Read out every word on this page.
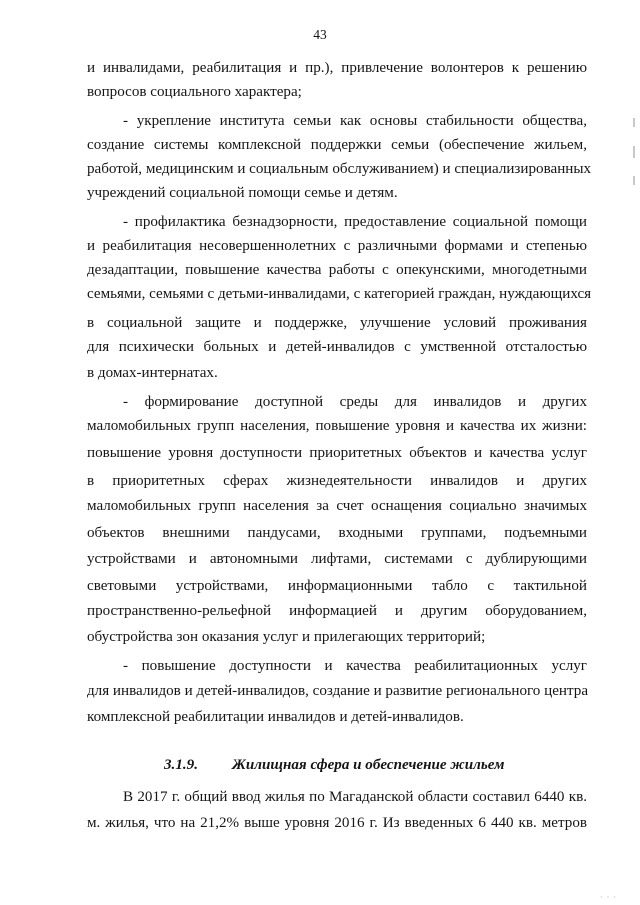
43
и инвалидами, реабилитация и пр.), привлечение волонтеров к решению
вопросов социального характера;
- укрепление института семьи как основы стабильности общества,
создание системы комплексной поддержки семьи (обеспечение жильем,
работой, медицинским и социальным обслуживанием) и специализированных
учреждений социальной помощи семье и детям.
- профилактика безнадзорности, предоставление социальной помощи
и реабилитация несовершеннолетних с различными формами и степенью
дезадаптации, повышение качества работы с опекунскими, многодетными
семьями, семьями с детьми-инвалидами, с категорией граждан, нуждающихся
в социальной защите и поддержке, улучшение условий проживания
для психически больных и детей-инвалидов с умственной отсталостью
в домах-интернатах.
- формирование доступной среды для инвалидов и других
маломобильных групп населения, повышение уровня и качества их жизни:
повышение уровня доступности приоритетных объектов и качества услуг
в приоритетных сферах жизнедеятельности инвалидов и других
маломобильных групп населения за счет оснащения социально значимых
объектов внешними пандусами, входными группами, подъемными
устройствами и автономными лифтами, системами с дублирующими
световыми устройствами, информационными табло с тактильной
пространственно-рельефной информацией и другим оборудованием,
обустройства зон оказания услуг и прилегающих территорий;
- повышение доступности и качества реабилитационных услуг
для инвалидов и детей-инвалидов, создание и развитие регионального центра
комплексной реабилитации инвалидов и детей-инвалидов.
3.1.9. Жилищная сфера и обеспечение жильем
В 2017 г. общий ввод жилья по Магаданской области составил 6440 кв.
м. жилья, что на 21,2% выше уровня 2016 г. Из введенных 6 440 кв. метров
· · ·
